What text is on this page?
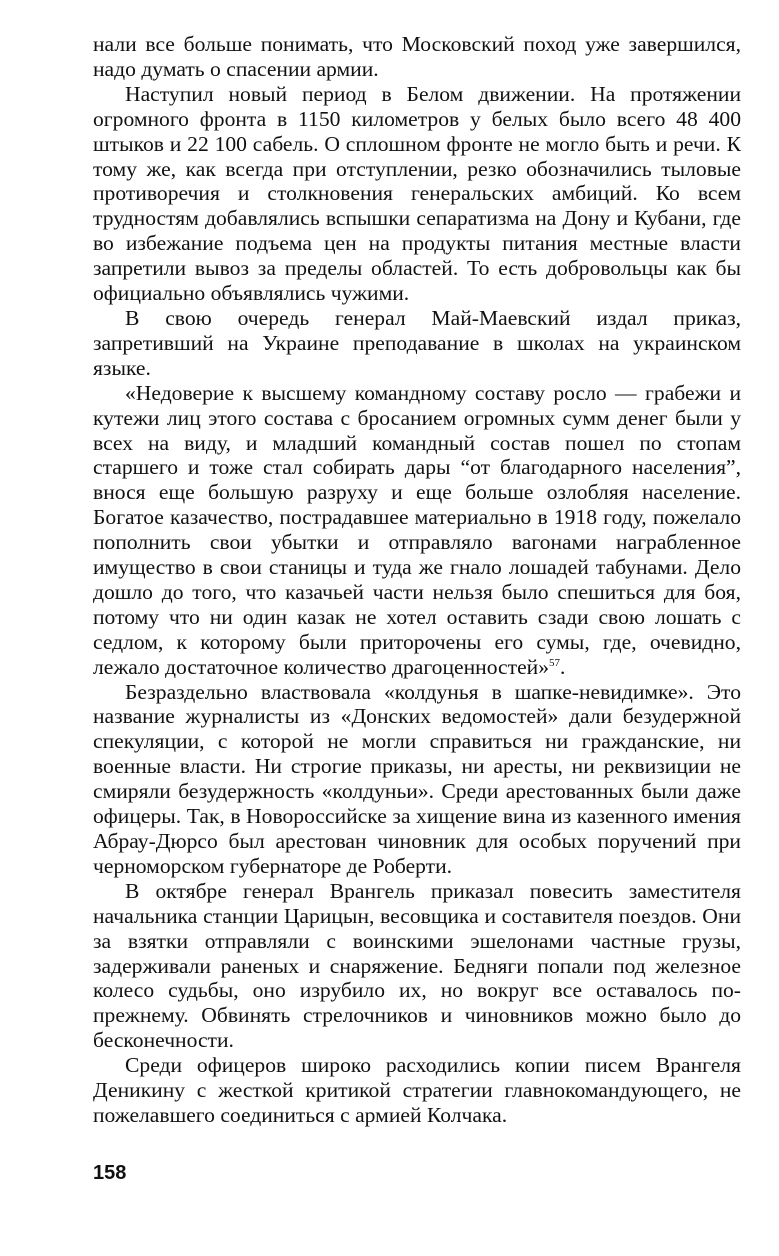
нали все больше понимать, что Московский поход уже завершился, надо думать о спасении армии.

Наступил новый период в Белом движении. На протяжении огромного фронта в 1150 километров у белых было всего 48 400 штыков и 22 100 сабель. О сплошном фронте не могло быть и речи. К тому же, как всегда при отступлении, резко обозначились тыловые противоречия и столкновения генеральских амбиций. Ко всем трудностям добавлялись вспышки сепаратизма на Дону и Кубани, где во избежание подъема цен на продукты питания местные власти запретили вывоз за пределы областей. То есть добровольцы как бы официально объявлялись чужими.

В свою очередь генерал Май-Маевский издал приказ, запретивший на Украине преподавание в школах на украинском языке.

«Недоверие к высшему командному составу росло — грабежи и кутежи лиц этого состава с бросанием огромных сумм денег были у всех на виду, и младший командный состав пошел по стопам старшего и тоже стал собирать дары “от благодарного населения”, внося еще большую разруху и еще больше озлобляя население. Богатое казачество, пострадавшее материально в 1918 году, пожелало пополнить свои убытки и отправляло вагонами награбленное имущество в свои станицы и туда же гнало лошадей табунами. Дело дошло до того, что казачьей части нельзя было спешиться для боя, потому что ни один казак не хотел оставить сзади свою лошать с седлом, к которому были приторочены его сумы, где, очевидно, лежало достаточное количество драгоценностей»$^{57}$.

Безраздельно властвовала «колдунья в шапке-невидимке». Это название журналисты из «Донских ведомостей» дали безудержной спекуляции, с которой не могли справиться ни гражданские, ни военные власти. Ни строгие приказы, ни аресты, ни реквизиции не смиряли безудержность «колдуньи». Среди арестованных были даже офицеры. Так, в Новороссийске за хищение вина из казенного имения Абрау-Дюрсо был арестован чиновник для особых поручений при черноморском губернаторе де Роберти.

В октябре генерал Врангель приказал повесить заместителя начальника станции Царицын, весовщика и составителя поездов. Они за взятки отправляли с воинскими эшелонами частные грузы, задерживали раненых и снаряжение. Бедняги попали под железное колесо судьбы, оно изрубило их, но вокруг все оставалось по-прежнему. Обвинять стрелочников и чиновников можно было до бесконечности.

Среди офицеров широко расходились копии писем Врангеля Деникину с жесткой критикой стратегии главнокомандующего, не пожелавшего соединиться с армией Колчака.

158
